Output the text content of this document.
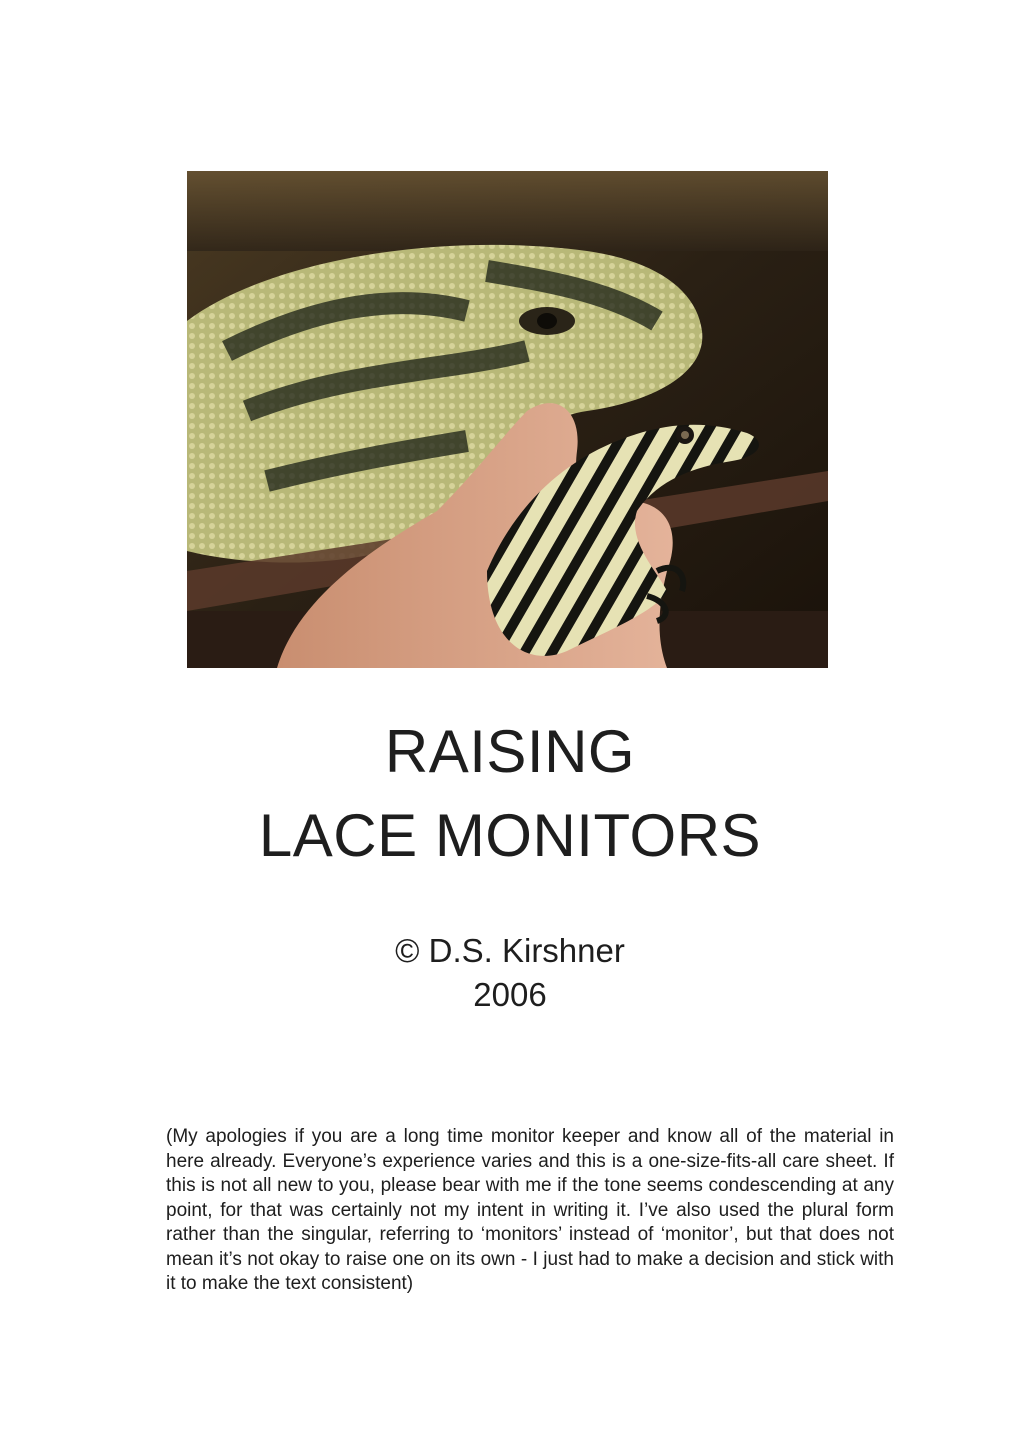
RAISING
LACE MONITORS
© D.S. Kirshner
2006

(My apologies if you are a long time monitor keeper and know all of the material in here already. Everyone’s experience varies and this is a one-size-fits-all care sheet. If this is not all new to you, please bear with me if the tone seems condescending at any point, for that was certainly not my intent in writing it. I’ve also used the plural form rather than the singular, referring to ‘monitors’ instead of ‘monitor’, but that does not mean it’s not okay to raise one on its own - I just had to make a decision and stick with it to make the text consistent)
